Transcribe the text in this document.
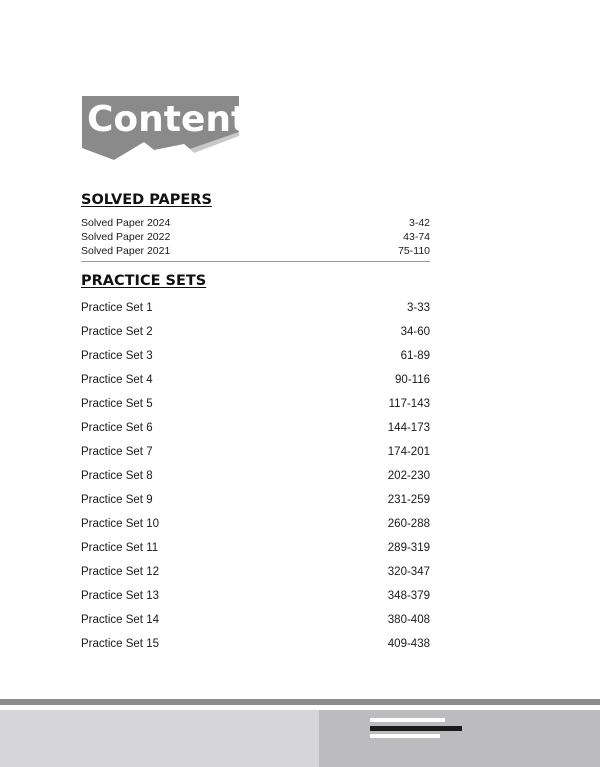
Contents
SOLVED PAPERS
Solved Paper 2024	3-42
Solved Paper 2022	43-74
Solved Paper 2021	75-110
PRACTICE SETS
Practice Set 1	3-33
Practice Set 2	34-60
Practice Set 3	61-89
Practice Set 4	90-116
Practice Set 5	117-143
Practice Set 6	144-173
Practice Set 7	174-201
Practice Set 8	202-230
Practice Set 9	231-259
Practice Set 10	260-288
Practice Set 11	289-319
Practice Set 12	320-347
Practice Set 13	348-379
Practice Set 14	380-408
Practice Set 15	409-438
